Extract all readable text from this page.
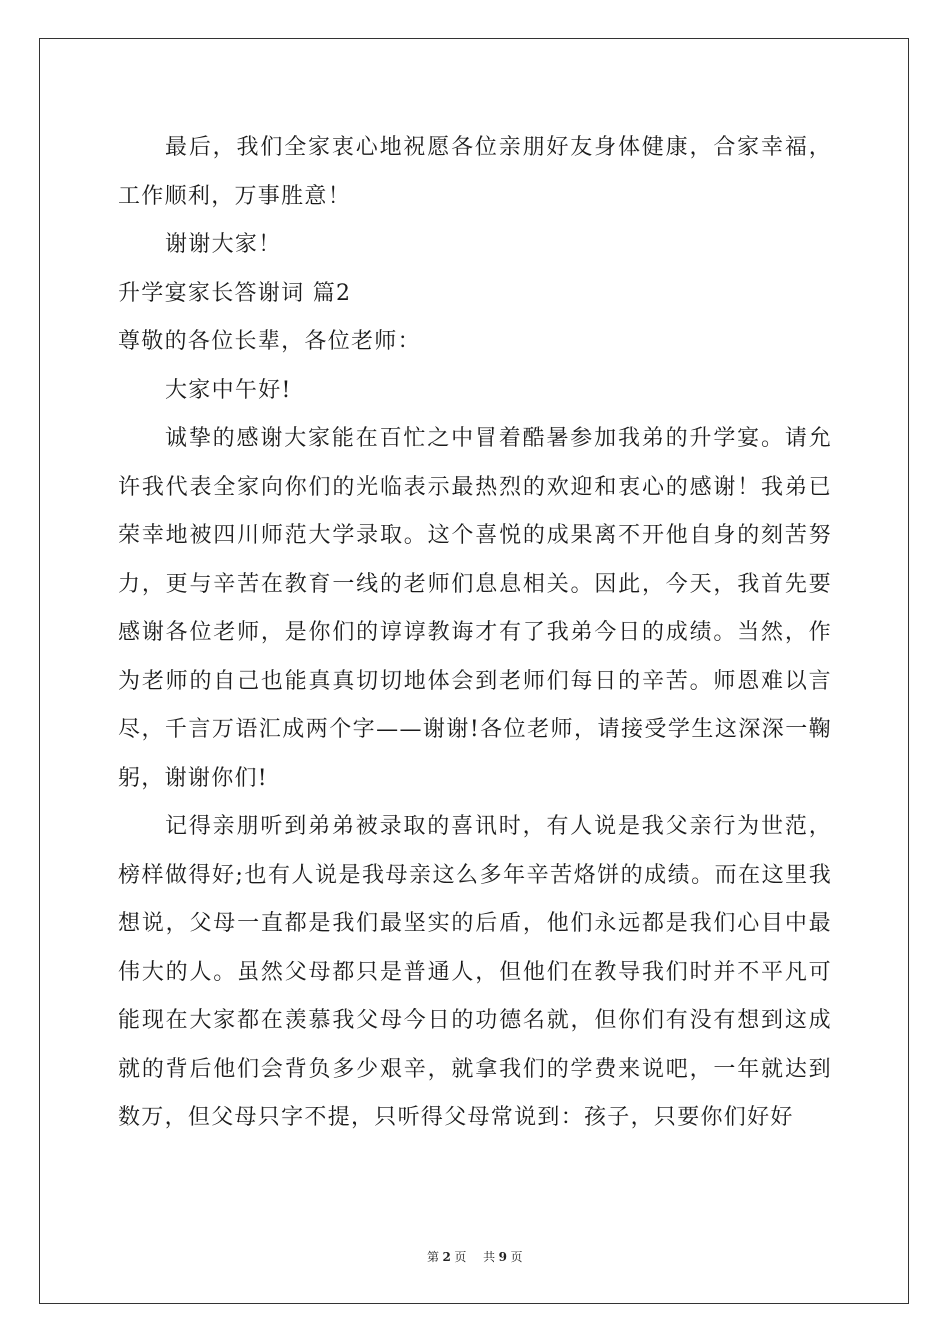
最后，我们全家衷心地祝愿各位亲朋好友身体健康，合家幸福，工作顺利，万事胜意！

谢谢大家！

升学宴家长答谢词 篇2

尊敬的各位长辈，各位老师：

大家中午好!

诚挚的感谢大家能在百忙之中冒着酷暑参加我弟的升学宴。请允许我代表全家向你们的光临表示最热烈的欢迎和衷心的感谢！我弟已荣幸地被四川师范大学录取。这个喜悦的成果离不开他自身的刻苦努力，更与辛苦在教育一线的老师们息息相关。因此，今天，我首先要感谢各位老师，是你们的谆谆教诲才有了我弟今日的成绩。当然，作为老师的自己也能真真切切地体会到老师们每日的辛苦。师恩难以言尽，千言万语汇成两个字——谢谢!各位老师，请接受学生这深深一鞠躬，谢谢你们!

记得亲朋听到弟弟被录取的喜讯时，有人说是我父亲行为世范，榜样做得好;也有人说是我母亲这么多年辛苦烙饼的成绩。而在这里我想说，父母一直都是我们最坚实的后盾，他们永远都是我们心目中最伟大的人。虽然父母都只是普通人，但他们在教导我们时并不平凡可能现在大家都在羡慕我父母今日的功德名就，但你们有没有想到这成就的背后他们会背负多少艰辛，就拿我们的学费来说吧，一年就达到数万，但父母只字不提，只听得父母常说到：孩子，只要你们好好

第 2 页 共 9 页
